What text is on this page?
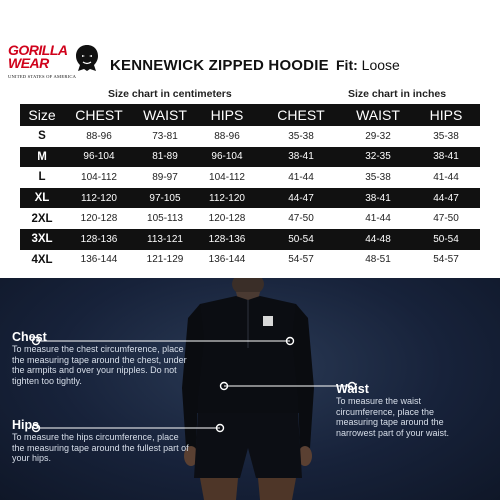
GORILLA
WEAR
UNITED STATES OF AMERICA
KENNEWICK ZIPPED HOODIE Fit: Loose
Size chart in centimeters	Size chart in inches
Size	CHEST	WAIST	HIPS	CHEST	WAIST	HIPS
S	88-96	73-81	88-96	35-38	29-32	35-38
M	96-104	81-89	96-104	38-41	32-35	38-41
L	104-112	89-97	104-112	41-44	35-38	41-44
XL	112-120	97-105	112-120	44-47	38-41	44-47
2XL	120-128	105-113	120-128	47-50	41-44	47-50
3XL	128-136	113-121	128-136	50-54	44-48	50-54
4XL	136-144	121-129	136-144	54-57	48-51	54-57
Chest
To measure the chest circumference, place the measuring tape around the chest, under the armpits and over your nipples. Do not tighten too tightly.
Waist
To measure the waist circumference, place the measuring tape around the narrowest part of your waist.
Hips
To measure the hips circumference, place the measuring tape around the fullest part of your hips.
